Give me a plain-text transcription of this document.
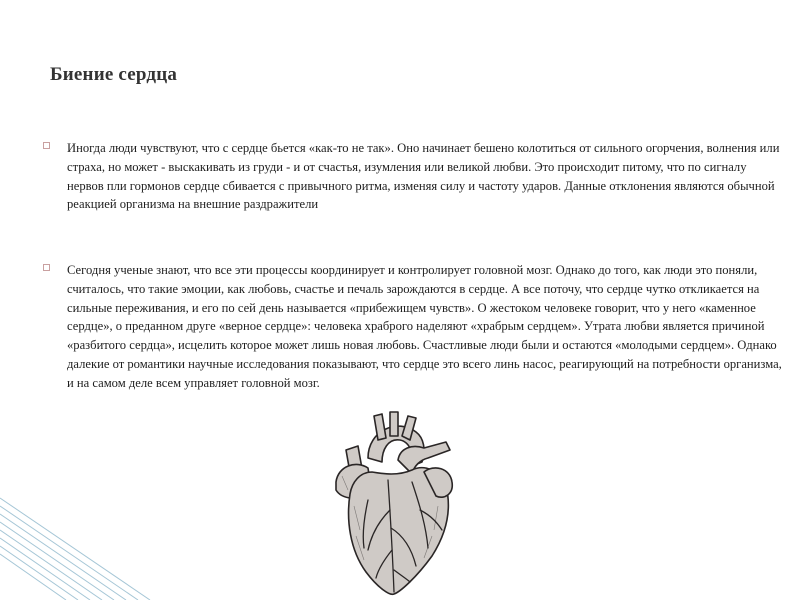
Биение сердца
Иногда люди чувствуют, что с сердце бьется «как-то не так». Оно начинает бешено колотиться от сильного огорчения, волнения или страха, но может - выскакивать из груди - и от счастья, изумления или великой любви. Это происходит питому, что по сигналу нервов пли гормонов сердце сбивается с привычного ритма, изменяя силу и частоту ударов. Данные отклонения являются обычной реакцией организма на внешние раздражители
Сегодня ученые знают, что все эти процессы координирует и контролирует головной мозг. Однако до того, как люди это поняли, считалось, что такие эмоции, как любовь, счастье и печаль зарождаются в сердце. А все поточу, что сердце чутко откликается на сильные переживания, и его по сей день называется «прибежищем чувств». О жестоком человеке говорит, что у него «каменное сердце», о преданном друге «верное сердце»: человека храброго наделяют «храбрым сердцем». Утрата любви является причиной «разбитого сердца», исцелить которое может лишь новая любовь. Счастливые люди были и остаются «молодыми сердцем». Однако далекие от романтики научные исследования показывают, что сердце это всего линь насос, реагирующий на потребности организма, и на самом деле всем управляет головной мозг.
